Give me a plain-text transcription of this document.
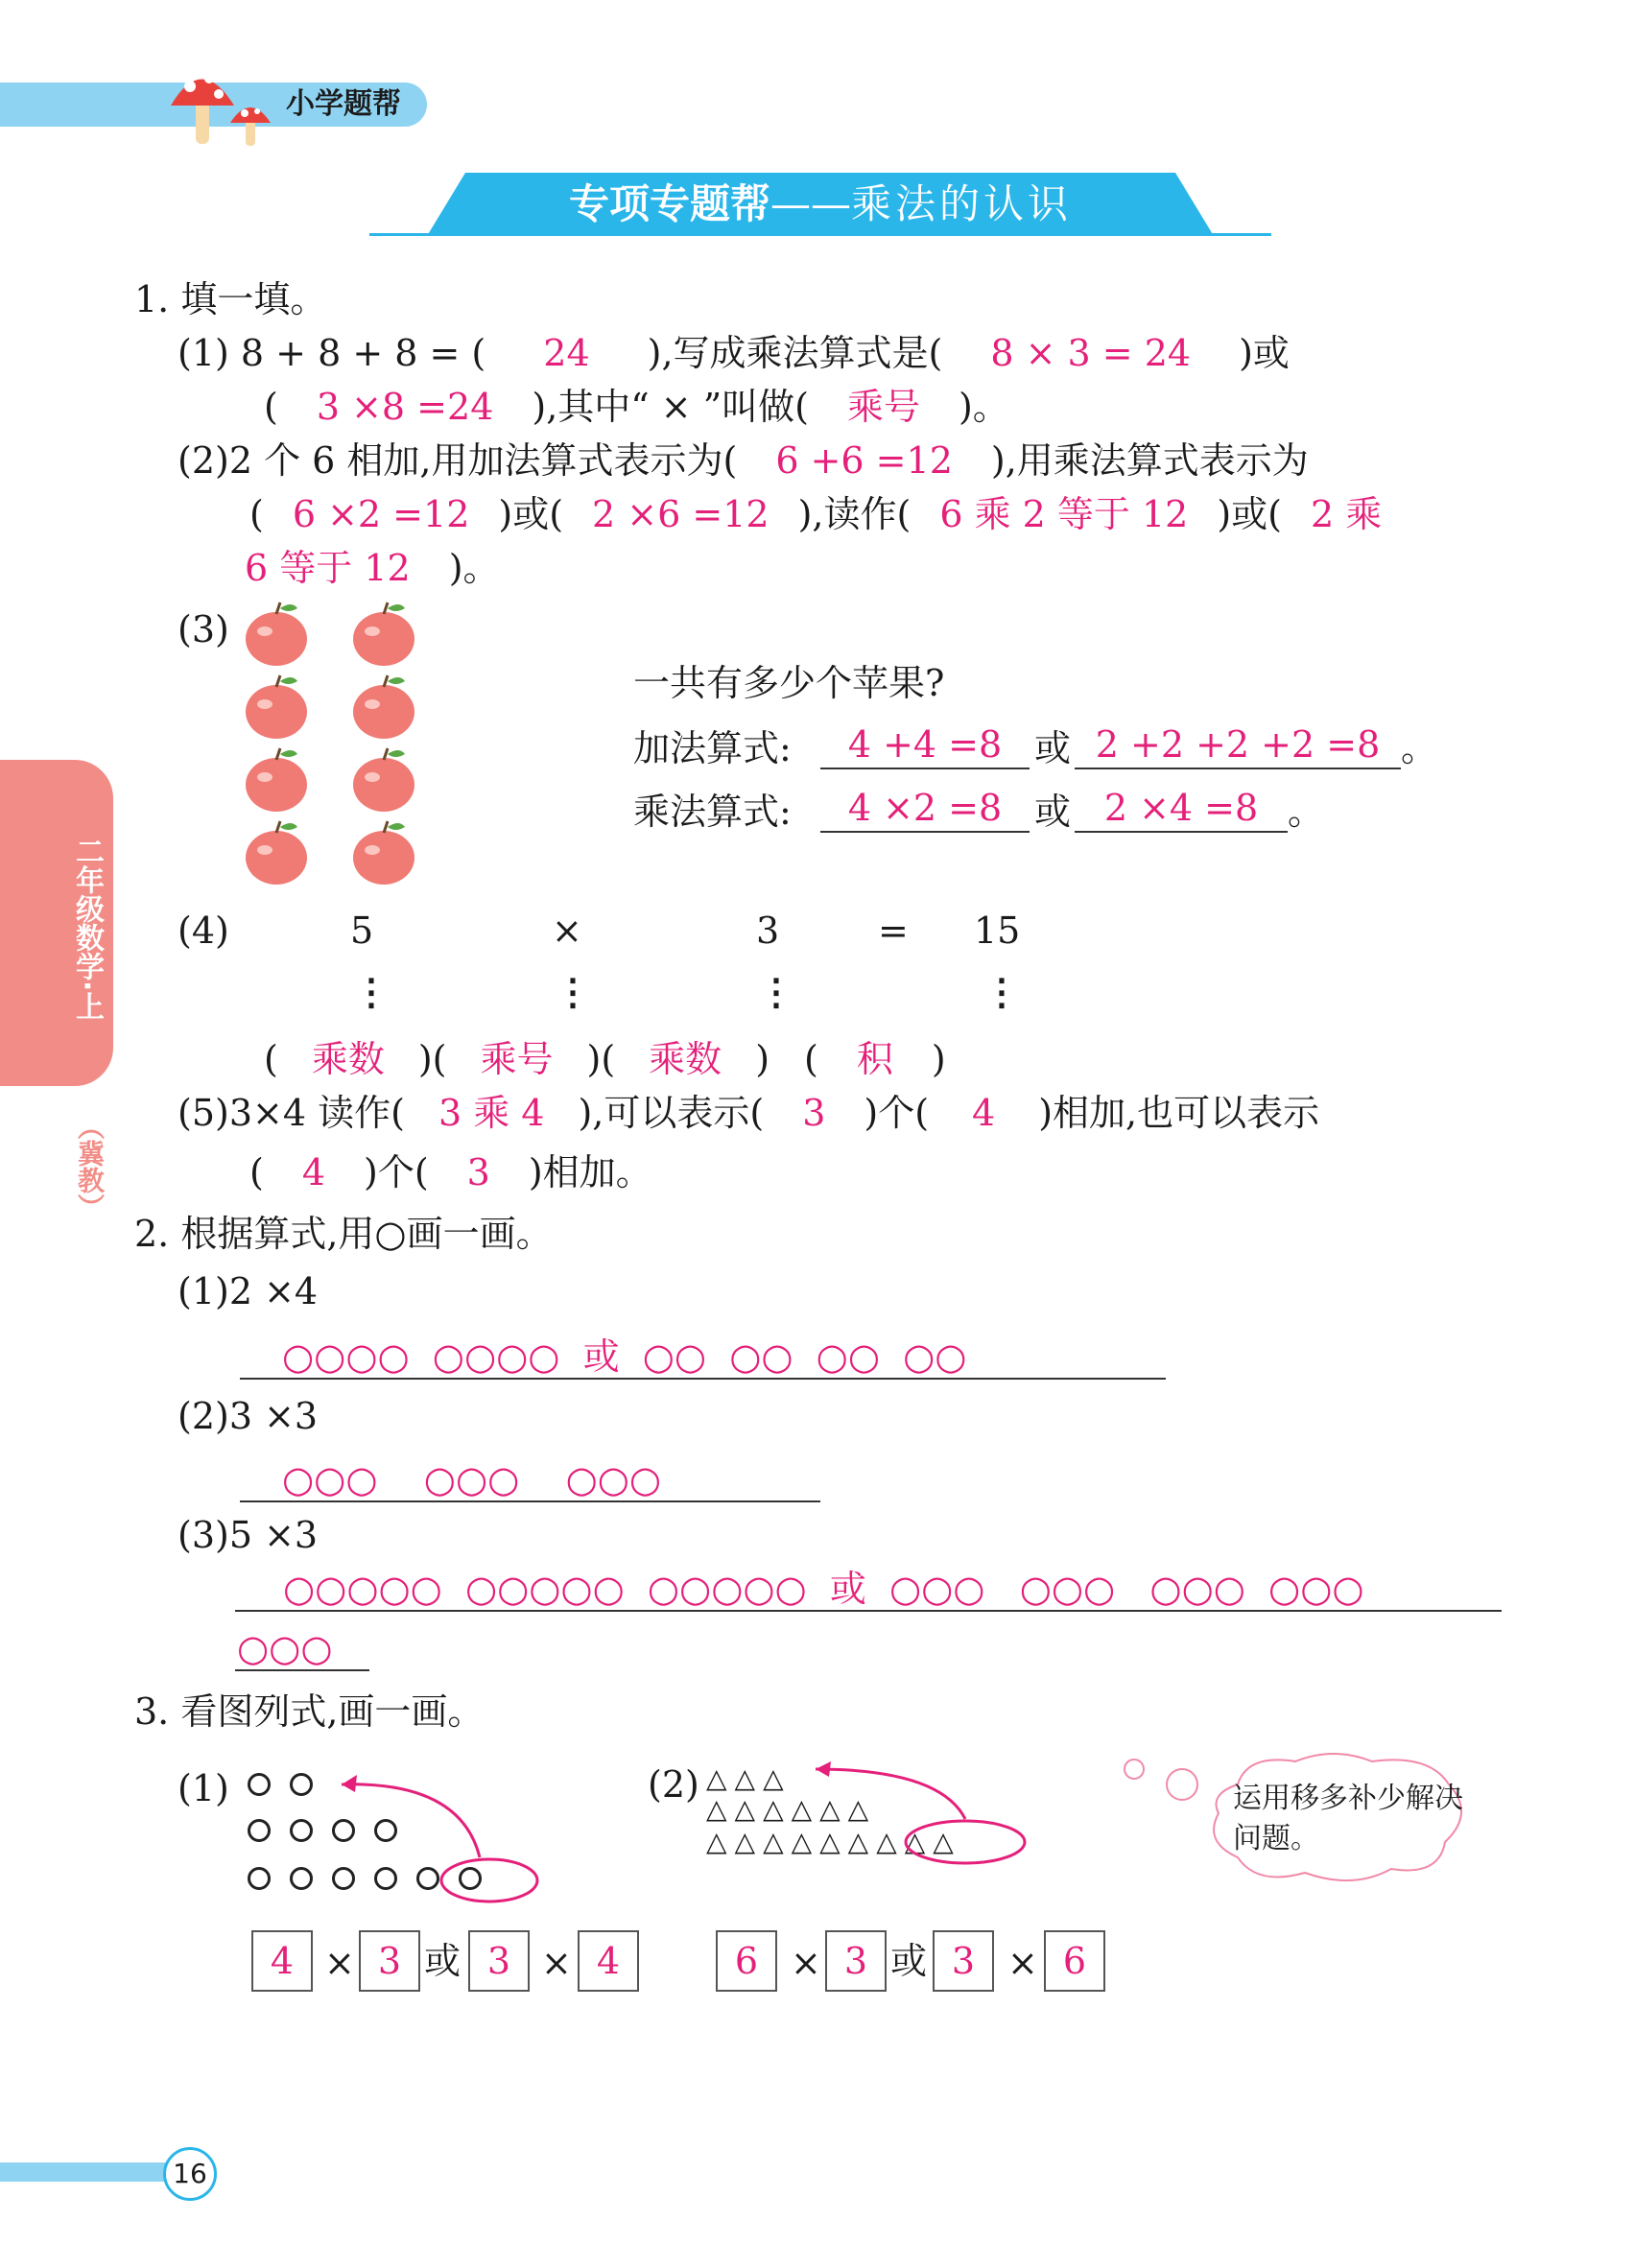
小学题帮
专项专题帮——乘法的认识
二年级数学·上
（冀教）
1. 填一填。
(1) 8 + 8 + 8 = ( 24 ),写成乘法算式是( 8 × 3 = 24 )或
( 3 ×8 =24 ),其中“ × ”叫做( 乘号 )。
(2)2 个 6 相加,用加法算式表示为( 6 +6 =12 ),用乘法算式表示为
( 6 ×2 =12 )或( 2 ×6 =12 ),读作( 6 乘 2 等于 12 )或( 2 乘
6 等于 12 )。
(3)
一共有多少个苹果?
加法算式:	4 +4 =8 或 2 +2 +2 +2 =8 。
乘法算式:	4 ×2 =8 或 2 ×4 =8 。
(4)	5	×	3	= 15
⋮	⋮	⋮	⋮
( 乘数 )( 乘号 )( 乘数 ) ( 积 )
(5)3×4 读作( 3 乘 4 ),可以表示( 3 )个( 4 )相加,也可以表示
( 4 )个( 3 )相加。
2. 根据算式,用○画一画。
(1)2 ×4
○○○○  ○○○○  或  ○○  ○○  ○○  ○○
(2)3 ×3
○○○    ○○○    ○○○
(3)5 ×3
○○○○○  ○○○○○  ○○○○○  或  ○○○   ○○○   ○○○  ○○○
○○○
3. 看图列式,画一画。
(1)
4 × 3 或 3 × 4
(2) △△△
△△△△△△
△△△△△△△△△
6 × 3 或 3 × 6
运用移多补少解决问题。
16
